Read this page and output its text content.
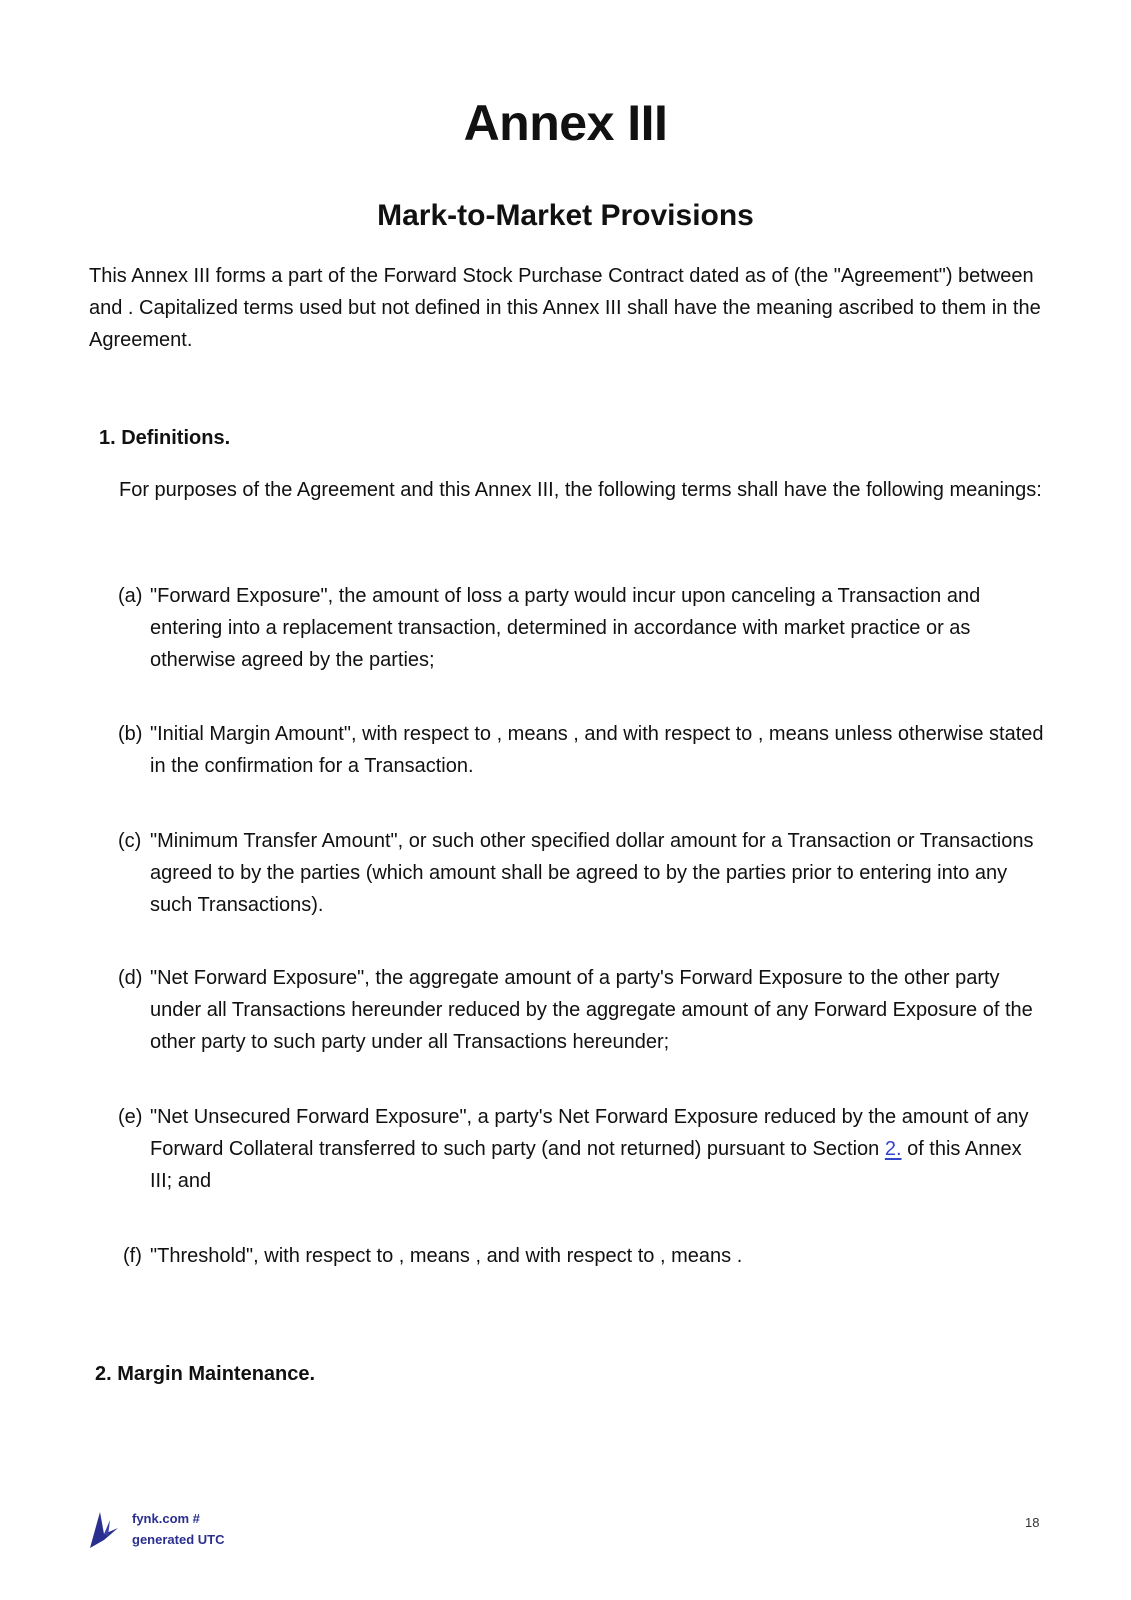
Annex III
Mark-to-Market Provisions
This Annex III forms a part of the Forward Stock Purchase Contract dated as of (the "Agreement") between and . Capitalized terms used but not defined in this Annex III shall have the meaning ascribed to them in the Agreement.
1. Definitions.
For purposes of the Agreement and this Annex III, the following terms shall have the following meanings:
(a) "Forward Exposure", the amount of loss a party would incur upon canceling a Transaction and entering into a replacement transaction, determined in accordance with market practice or as otherwise agreed by the parties;
(b) "Initial Margin Amount", with respect to , means , and with respect to , means unless otherwise stated in the confirmation for a Transaction.
(c) "Minimum Transfer Amount", or such other specified dollar amount for a Transaction or Transactions agreed to by the parties (which amount shall be agreed to by the parties prior to entering into any such Transactions).
(d) "Net Forward Exposure", the aggregate amount of a party's Forward Exposure to the other party under all Transactions hereunder reduced by the aggregate amount of any Forward Exposure of the other party to such party under all Transactions hereunder;
(e) "Net Unsecured Forward Exposure", a party's Net Forward Exposure reduced by the amount of any Forward Collateral transferred to such party (and not returned) pursuant to Section 2. of this Annex III; and
(f) "Threshold", with respect to , means , and with respect to , means .
2. Margin Maintenance.
fynk.com #
generated UTC
18
